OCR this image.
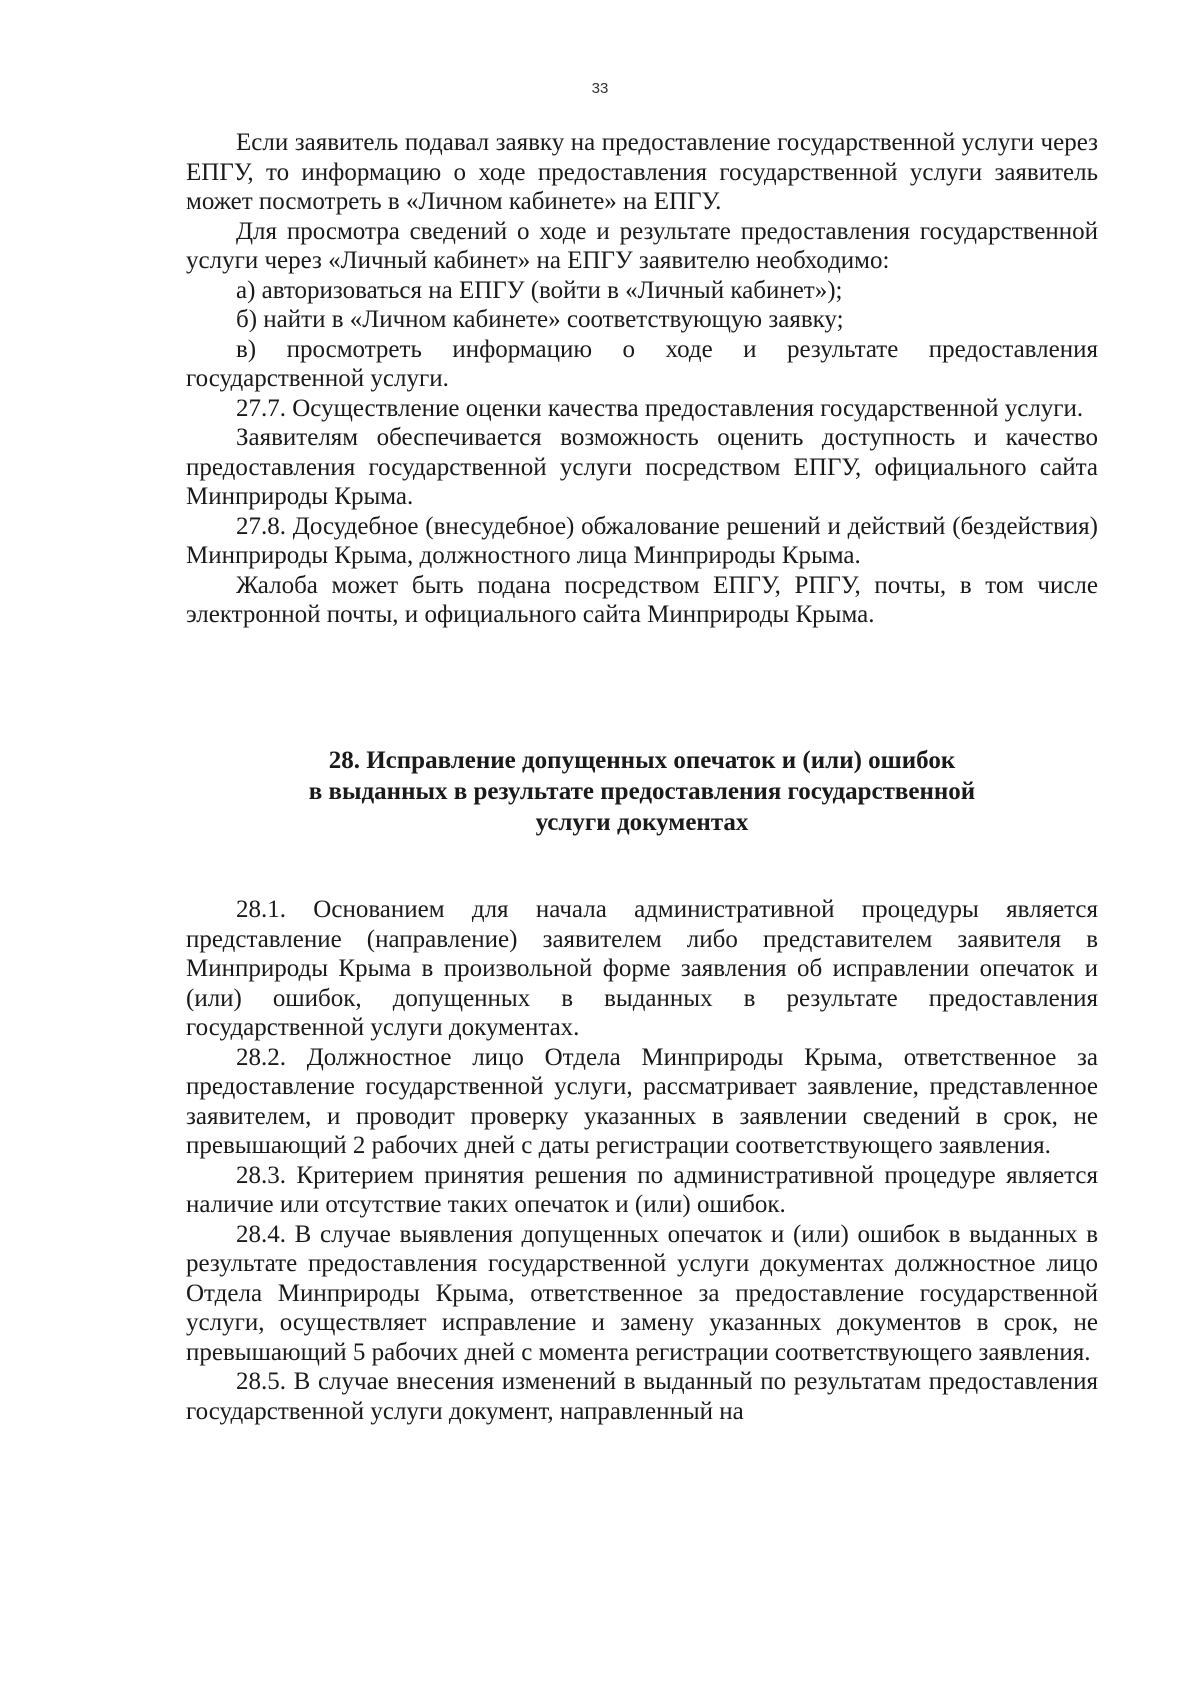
33

Если заявитель подавал заявку на предоставление государственной услуги через ЕПГУ, то информацию о ходе предоставления государственной услуги заявитель может посмотреть в «Личном кабинете» на ЕПГУ.

Для просмотра сведений о ходе и результате предоставления государственной услуги через «Личный кабинет» на ЕПГУ заявителю необходимо:

а) авторизоваться на ЕПГУ (войти в «Личный кабинет»);

б) найти в «Личном кабинете» соответствующую заявку;

в) просмотреть информацию о ходе и результате предоставления государственной услуги.

27.7. Осуществление оценки качества предоставления государственной услуги.

Заявителям обеспечивается возможность оценить доступность и качество предоставления государственной услуги посредством ЕПГУ, официального сайта Минприроды Крыма.

27.8. Досудебное (внесудебное) обжалование решений и действий (бездействия) Минприроды Крыма, должностного лица Минприроды Крыма.

Жалоба может быть подана посредством ЕПГУ, РПГУ, почты, в том числе электронной почты, и официального сайта Минприроды Крыма.

28. Исправление допущенных опечаток и (или) ошибок
в выданных в результате предоставления государственной
услуги документах

28.1. Основанием для начала административной процедуры является представление (направление) заявителем либо представителем заявителя в Минприроды Крыма в произвольной форме заявления об исправлении опечаток и (или) ошибок, допущенных в выданных в результате предоставления государственной услуги документах.

28.2. Должностное лицо Отдела Минприроды Крыма, ответственное за предоставление государственной услуги, рассматривает заявление, представленное заявителем, и проводит проверку указанных в заявлении сведений в срок, не превышающий 2 рабочих дней с даты регистрации соответствующего заявления.

28.3. Критерием принятия решения по административной процедуре является наличие или отсутствие таких опечаток и (или) ошибок.

28.4. В случае выявления допущенных опечаток и (или) ошибок в выданных в результате предоставления государственной услуги документах должностное лицо Отдела Минприроды Крыма, ответственное за предоставление государственной услуги, осуществляет исправление и замену указанных документов в срок, не превышающий 5 рабочих дней с момента регистрации соответствующего заявления.

28.5. В случае внесения изменений в выданный по результатам предоставления государственной услуги документ, направленный на
